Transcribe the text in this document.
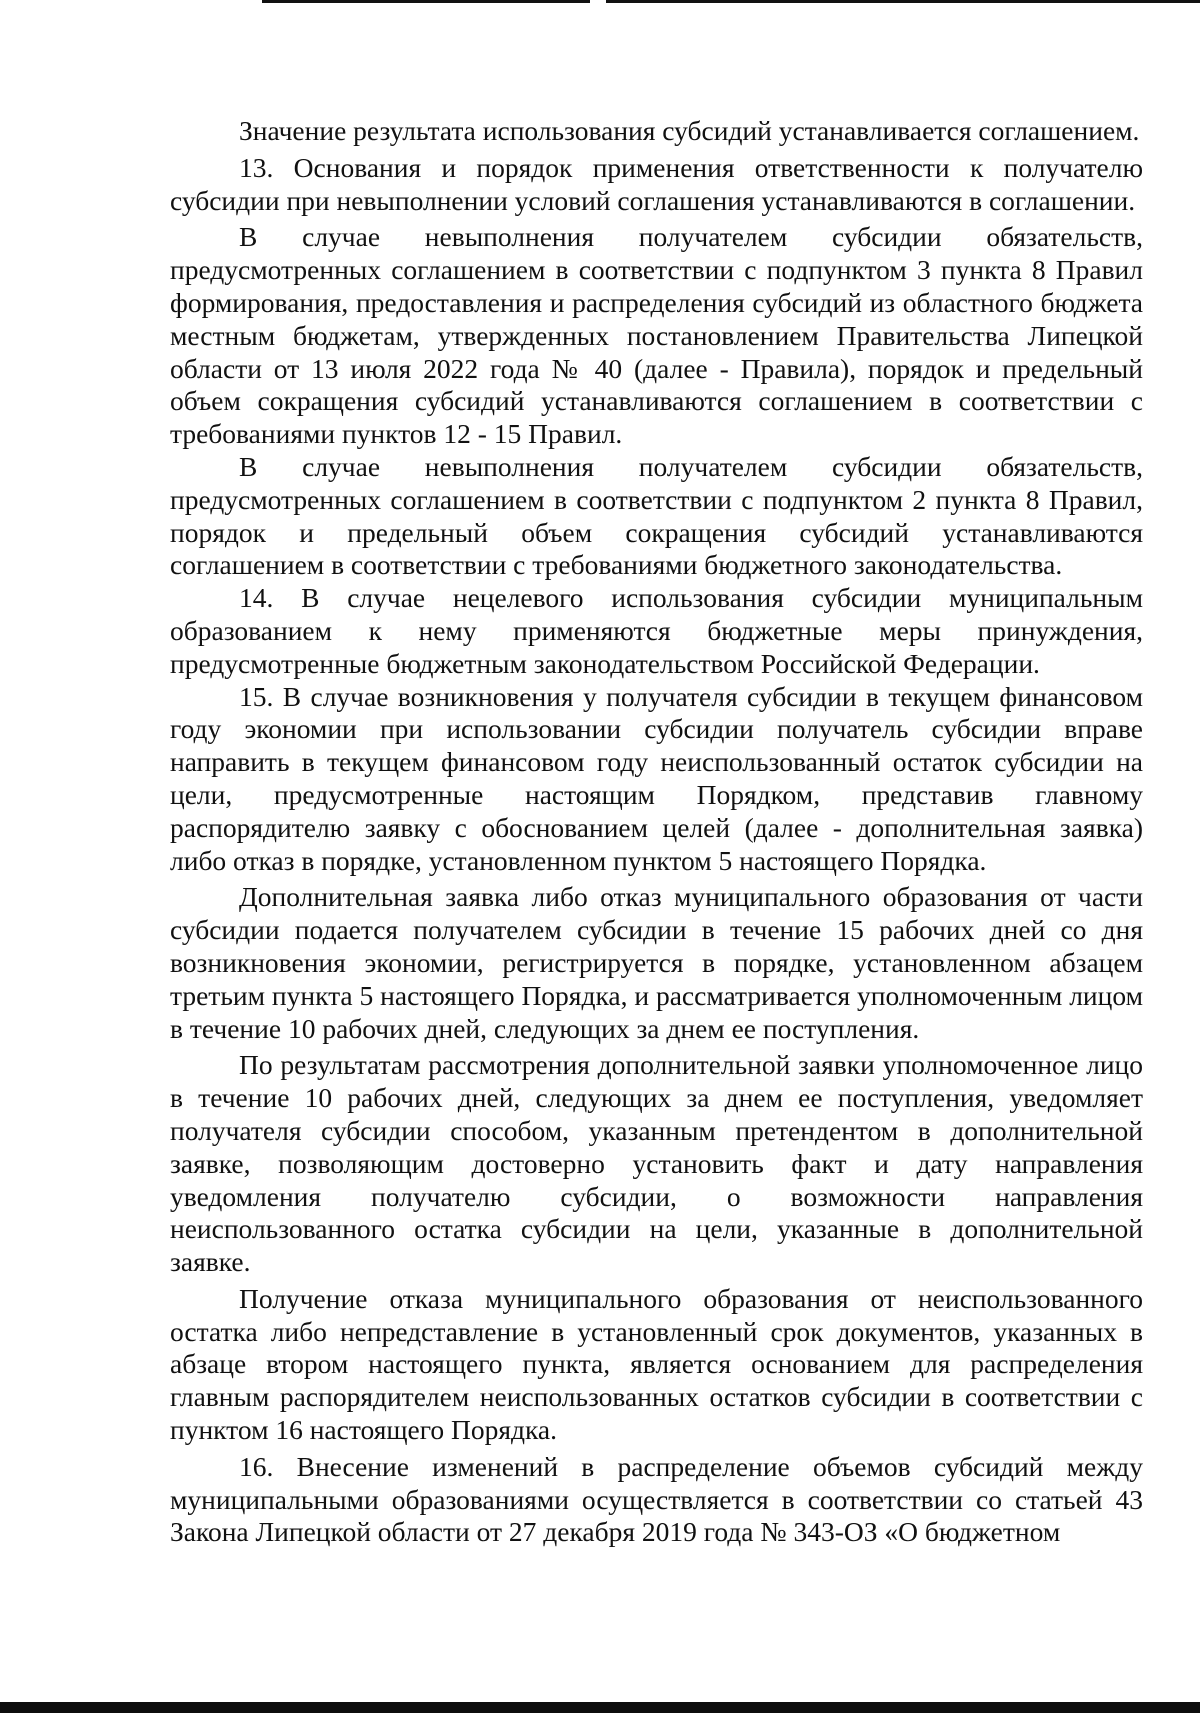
Значение результата использования субсидий устанавливается соглашением.

13. Основания и порядок применения ответственности к получателю субсидии при невыполнении условий соглашения устанавливаются в соглашении.

В случае невыполнения получателем субсидии обязательств, предусмотренных соглашением в соответствии с подпунктом 3 пункта 8 Правил формирования, предоставления и распределения субсидий из областного бюджета местным бюджетам, утвержденных постановлением Правительства Липецкой области от 13 июля 2022 года № 40 (далее - Правила), порядок и предельный объем сокращения субсидий устанавливаются соглашением в соответствии с требованиями пунктов 12 - 15 Правил.

В случае невыполнения получателем субсидии обязательств, предусмотренных соглашением в соответствии с подпунктом 2 пункта 8 Правил, порядок и предельный объем сокращения субсидий устанавливаются соглашением в соответствии с требованиями бюджетного законодательства.

14. В случае нецелевого использования субсидии муниципальным образованием к нему применяются бюджетные меры принуждения, предусмотренные бюджетным законодательством Российской Федерации.

15. В случае возникновения у получателя субсидии в текущем финансовом году экономии при использовании субсидии получатель субсидии вправе направить в текущем финансовом году неиспользованный остаток субсидии на цели, предусмотренные настоящим Порядком, представив главному распорядителю заявку с обоснованием целей (далее - дополнительная заявка) либо отказ в порядке, установленном пунктом 5 настоящего Порядка.

Дополнительная заявка либо отказ муниципального образования от части субсидии подается получателем субсидии в течение 15 рабочих дней со дня возникновения экономии, регистрируется в порядке, установленном абзацем третьим пункта 5 настоящего Порядка, и рассматривается уполномоченным лицом в течение 10 рабочих дней, следующих за днем ее поступления.

По результатам рассмотрения дополнительной заявки уполномоченное лицо в течение 10 рабочих дней, следующих за днем ее поступления, уведомляет получателя субсидии способом, указанным претендентом в дополнительной заявке, позволяющим достоверно установить факт и дату направления уведомления получателю субсидии, о возможности направления неиспользованного остатка субсидии на цели, указанные в дополнительной заявке.

Получение отказа муниципального образования от неиспользованного остатка либо непредставление в установленный срок документов, указанных в абзаце втором настоящего пункта, является основанием для распределения главным распорядителем неиспользованных остатков субсидии в соответствии с пунктом 16 настоящего Порядка.

16. Внесение изменений в распределение объемов субсидий между муниципальными образованиями осуществляется в соответствии со статьей 43 Закона Липецкой области от 27 декабря 2019 года № 343-ОЗ «О бюджетном
